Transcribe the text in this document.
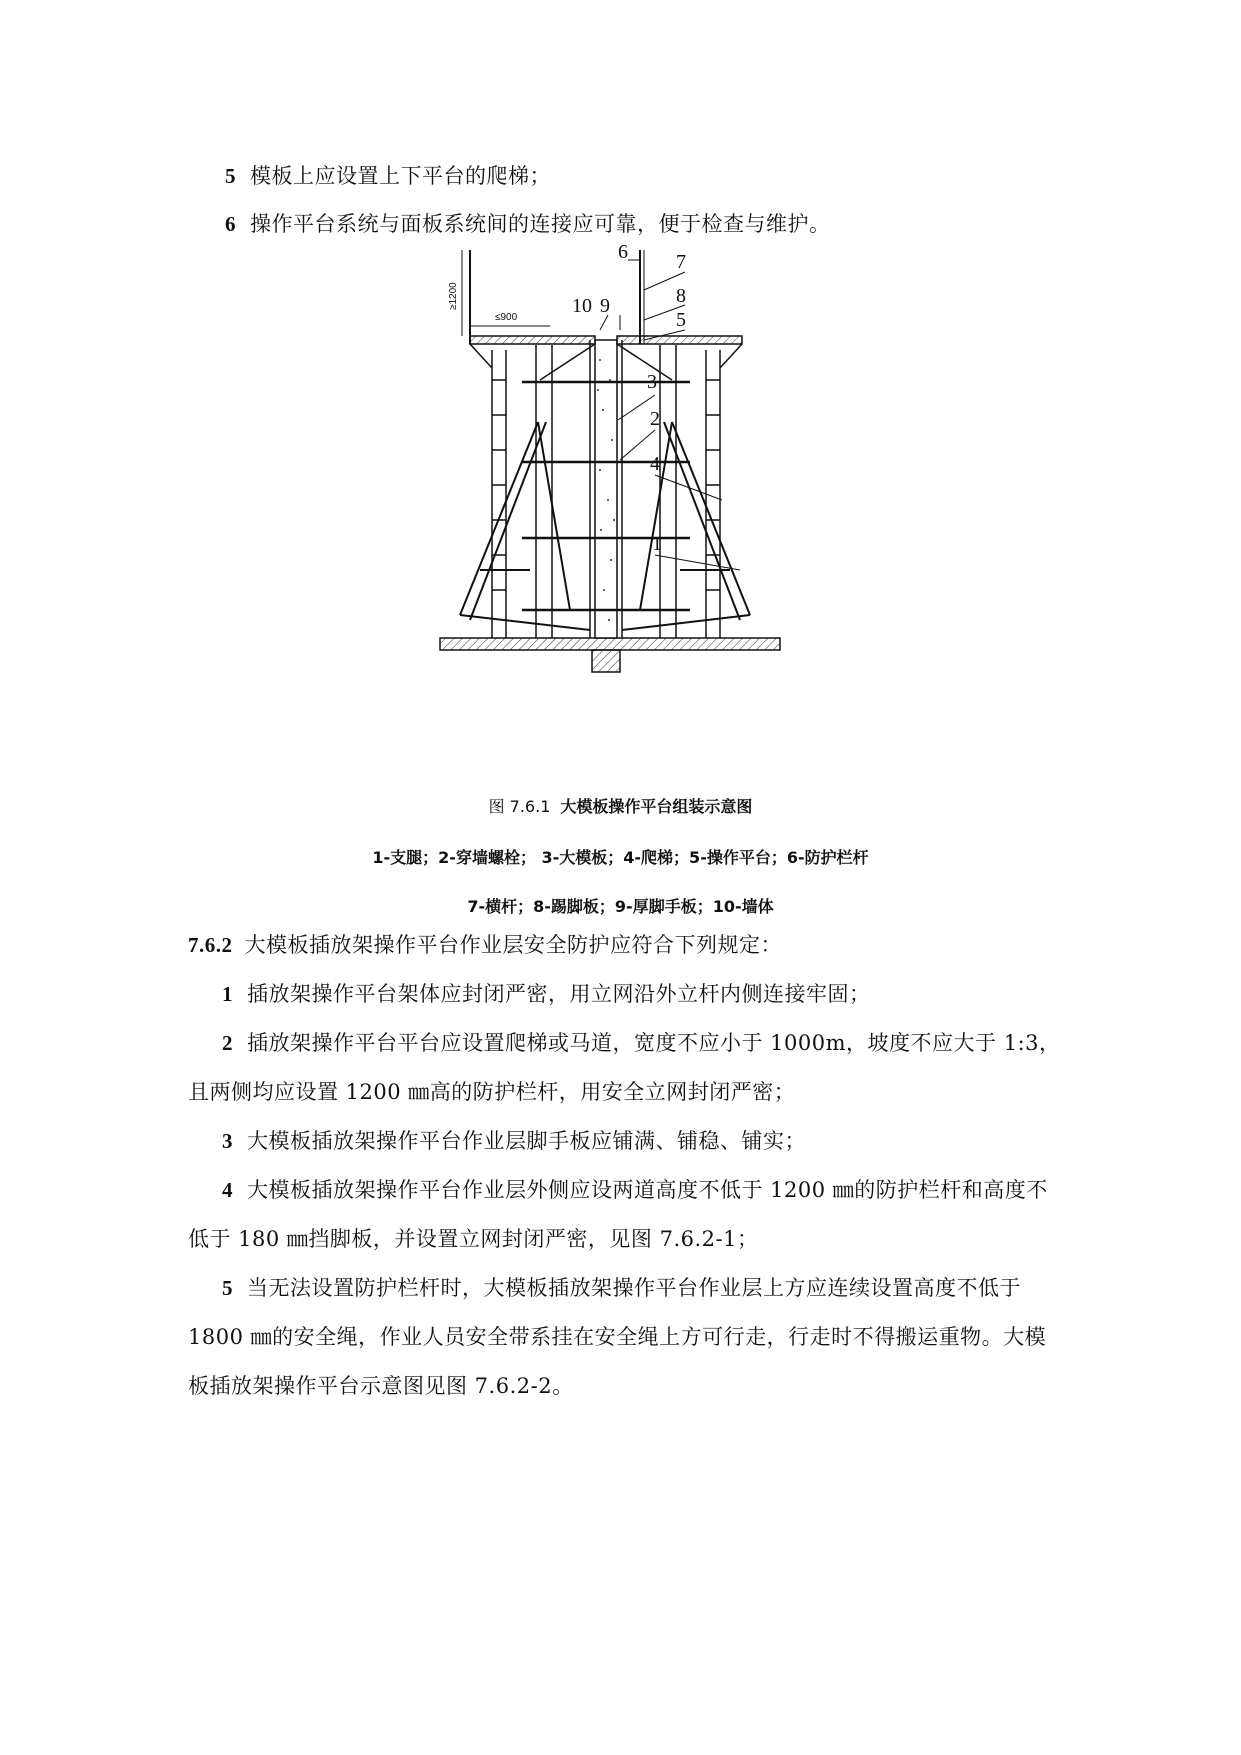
5 模板上应设置上下平台的爬梯；
6 操作平台系统与面板系统间的连接应可靠，便于检查与维护。
≥1200
≤900
6 7
8
5
10 9
3
2
4
1
图 7.6.1 大模板操作平台组装示意图
1-支腿；2-穿墙螺栓； 3-大模板；4-爬梯；5-操作平台；6-防护栏杆
7-横杆；8-踢脚板；9-厚脚手板；10-墙体
7.6.2 大模板插放架操作平台作业层安全防护应符合下列规定：
1 插放架操作平台架体应封闭严密，用立网沿外立杆内侧连接牢固；
2 插放架操作平台平台应设置爬梯或马道，宽度不应小于 1000m，坡度不应大于 1:3，
且两侧均应设置 1200 ㎜高的防护栏杆，用安全立网封闭严密；
3 大模板插放架操作平台作业层脚手板应铺满、铺稳、铺实；
4 大模板插放架操作平台作业层外侧应设两道高度不低于 1200 ㎜的防护栏杆和高度不
低于 180 ㎜挡脚板，并设置立网封闭严密，见图 7.6.2-1；
5 当无法设置防护栏杆时，大模板插放架操作平台作业层上方应连续设置高度不低于
1800 ㎜的安全绳，作业人员安全带系挂在安全绳上方可行走，行走时不得搬运重物。大模
板插放架操作平台示意图见图 7.6.2-2。
